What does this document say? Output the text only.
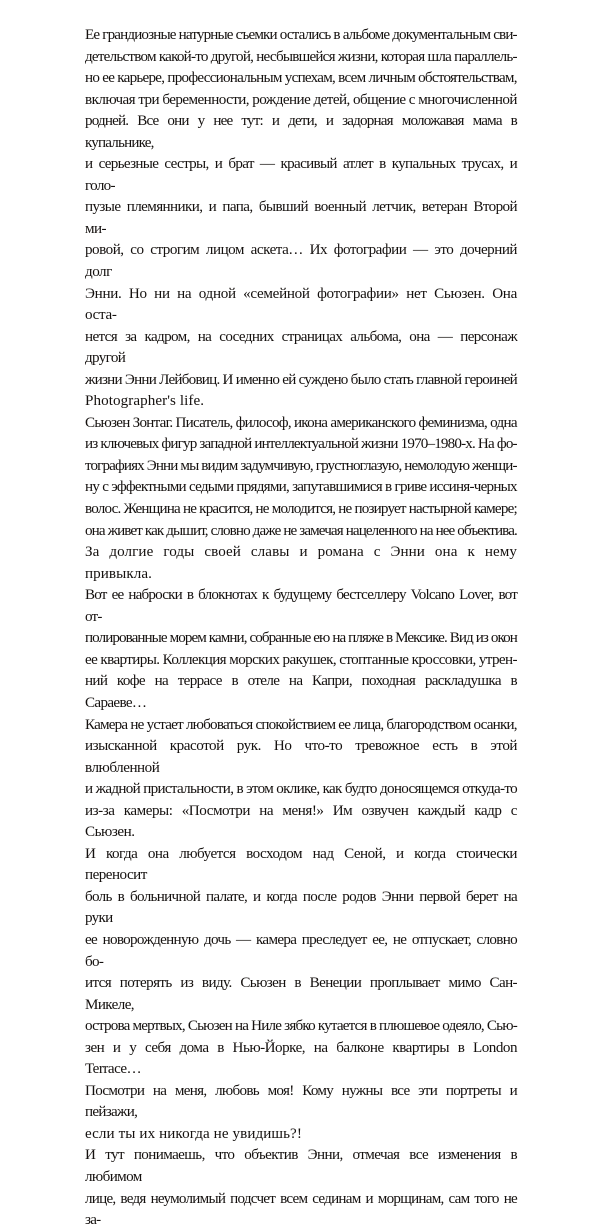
Ее грандиозные натурные съемки остались в альбоме документальным сви-
детельством какой-то другой, несбывшейся жизни, которая шла параллель-
но ее карьере, профессиональным успехам, всем личным обстоятельствам,
включая три беременности, рождение детей, общение с многочисленной
родней. Все они у нее тут: и дети, и задорная моложавая мама в купальнике,
и серьезные сестры, и брат — красивый атлет в купальных трусах, и голо-
пузые племянники, и папа, бывший военный летчик, ветеран Второй ми-
ровой, со строгим лицом аскета… Их фотографии — это дочерний долг
Энни. Но ни на одной «семейной фотографии» нет Сьюзен. Она оста-
нется за кадром, на соседних страницах альбома, она — персонаж другой
жизни Энни Лейбовиц. И именно ей суждено было стать главной героиней
Photographer's life.

Сьюзен Зонтаг. Писатель, философ, икона американского феминизма, одна
из ключевых фигур западной интеллектуальной жизни 1970–1980-х. На фо-
тографиях Энни мы видим задумчивую, грустноглазую, немолодую женщи-
ну с эффектными седыми прядями, запутавшимися в гриве иссиня-черных
волос. Женщина не красится, не молодится, не позирует настырной камере;
она живет как дышит, словно даже не замечая нацеленного на нее объектива.
За долгие годы своей славы и романа с Энни она к нему привыкла.

Вот ее наброски в блокнотах к будущему бестселлеру Volcano Lover, вот от-
полированные морем камни, собранные ею на пляже в Мексике. Вид из окон
ее квартиры. Коллекция морских ракушек, стоптанные кроссовки, утрен-
ний кофе на террасе в отеле на Капри, походная раскладушка в Сараеве…
Камера не устает любоваться спокойствием ее лица, благородством осанки,
изысканной красотой рук. Но что-то тревожное есть в этой влюбленной
и жадной пристальности, в этом оклике, как будто доносящемся откуда-то
из-за камеры: «Посмотри на меня!» Им озвучен каждый кадр с Сьюзен.
И когда она любуется восходом над Сеной, и когда стоически переносит
боль в больничной палате, и когда после родов Энни первой берет на руки
ее новорожденную дочь — камера преследует ее, не отпускает, словно бо-
ится потерять из виду. Сьюзен в Венеции проплывает мимо Сан-Микеле,
острова мертвых, Сьюзен на Ниле зябко кутается в плюшевое одеяло, Сью-
зен и у себя дома в Нью-Йорке, на балконе квартиры в London Terrace…
Посмотри на меня, любовь моя! Кому нужны все эти портреты и пейзажи,
если ты их никогда не увидишь?!

И тут понимаешь, что объектив Энни, отмечая все изменения в любимом
лице, ведя неумолимый подсчет всем сединам и морщинам, сам того не за-
